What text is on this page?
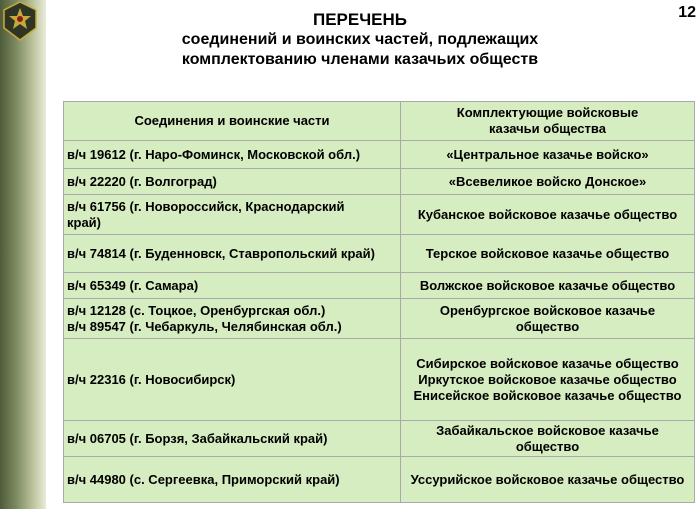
12
ПЕРЕЧЕНЬ
соединений и воинских частей, подлежащих
комплектованию членами казачьих обществ
Соединения и воинские части	Комплектующие войсковые
казачьи общества

в/ч 19612 (г. Наро-Фоминск, Московской обл.)	«Центральное казачье войско»

в/ч 22220 (г. Волгоград)	«Всевеликое войско Донское»

в/ч 61756 (г. Новороссийск, Краснодарский
край)	Кубанское войсковое казачье общество

в/ч 74814 (г. Буденновск, Ставропольский край)	Терское войсковое казачье общество

в/ч 65349 (г. Самара)	Волжское войсковое казачье общество

в/ч 12128 (с. Тоцкое, Оренбургская обл.)
в/ч 89547 (г. Чебаркуль, Челябинская обл.)	Оренбургское войсковое казачье
общество

в/ч 22316 (г. Новосибирск)	Сибирское войсковое казачье общество
Иркутское войсковое казачье общество
Енисейское войсковое казачье общество

в/ч 06705 (г. Борзя, Забайкальский край)	Забайкальское войсковое казачье
общество

в/ч 44980 (с. Сергеевка, Приморский край)	Уссурийское войсковое казачье общество
